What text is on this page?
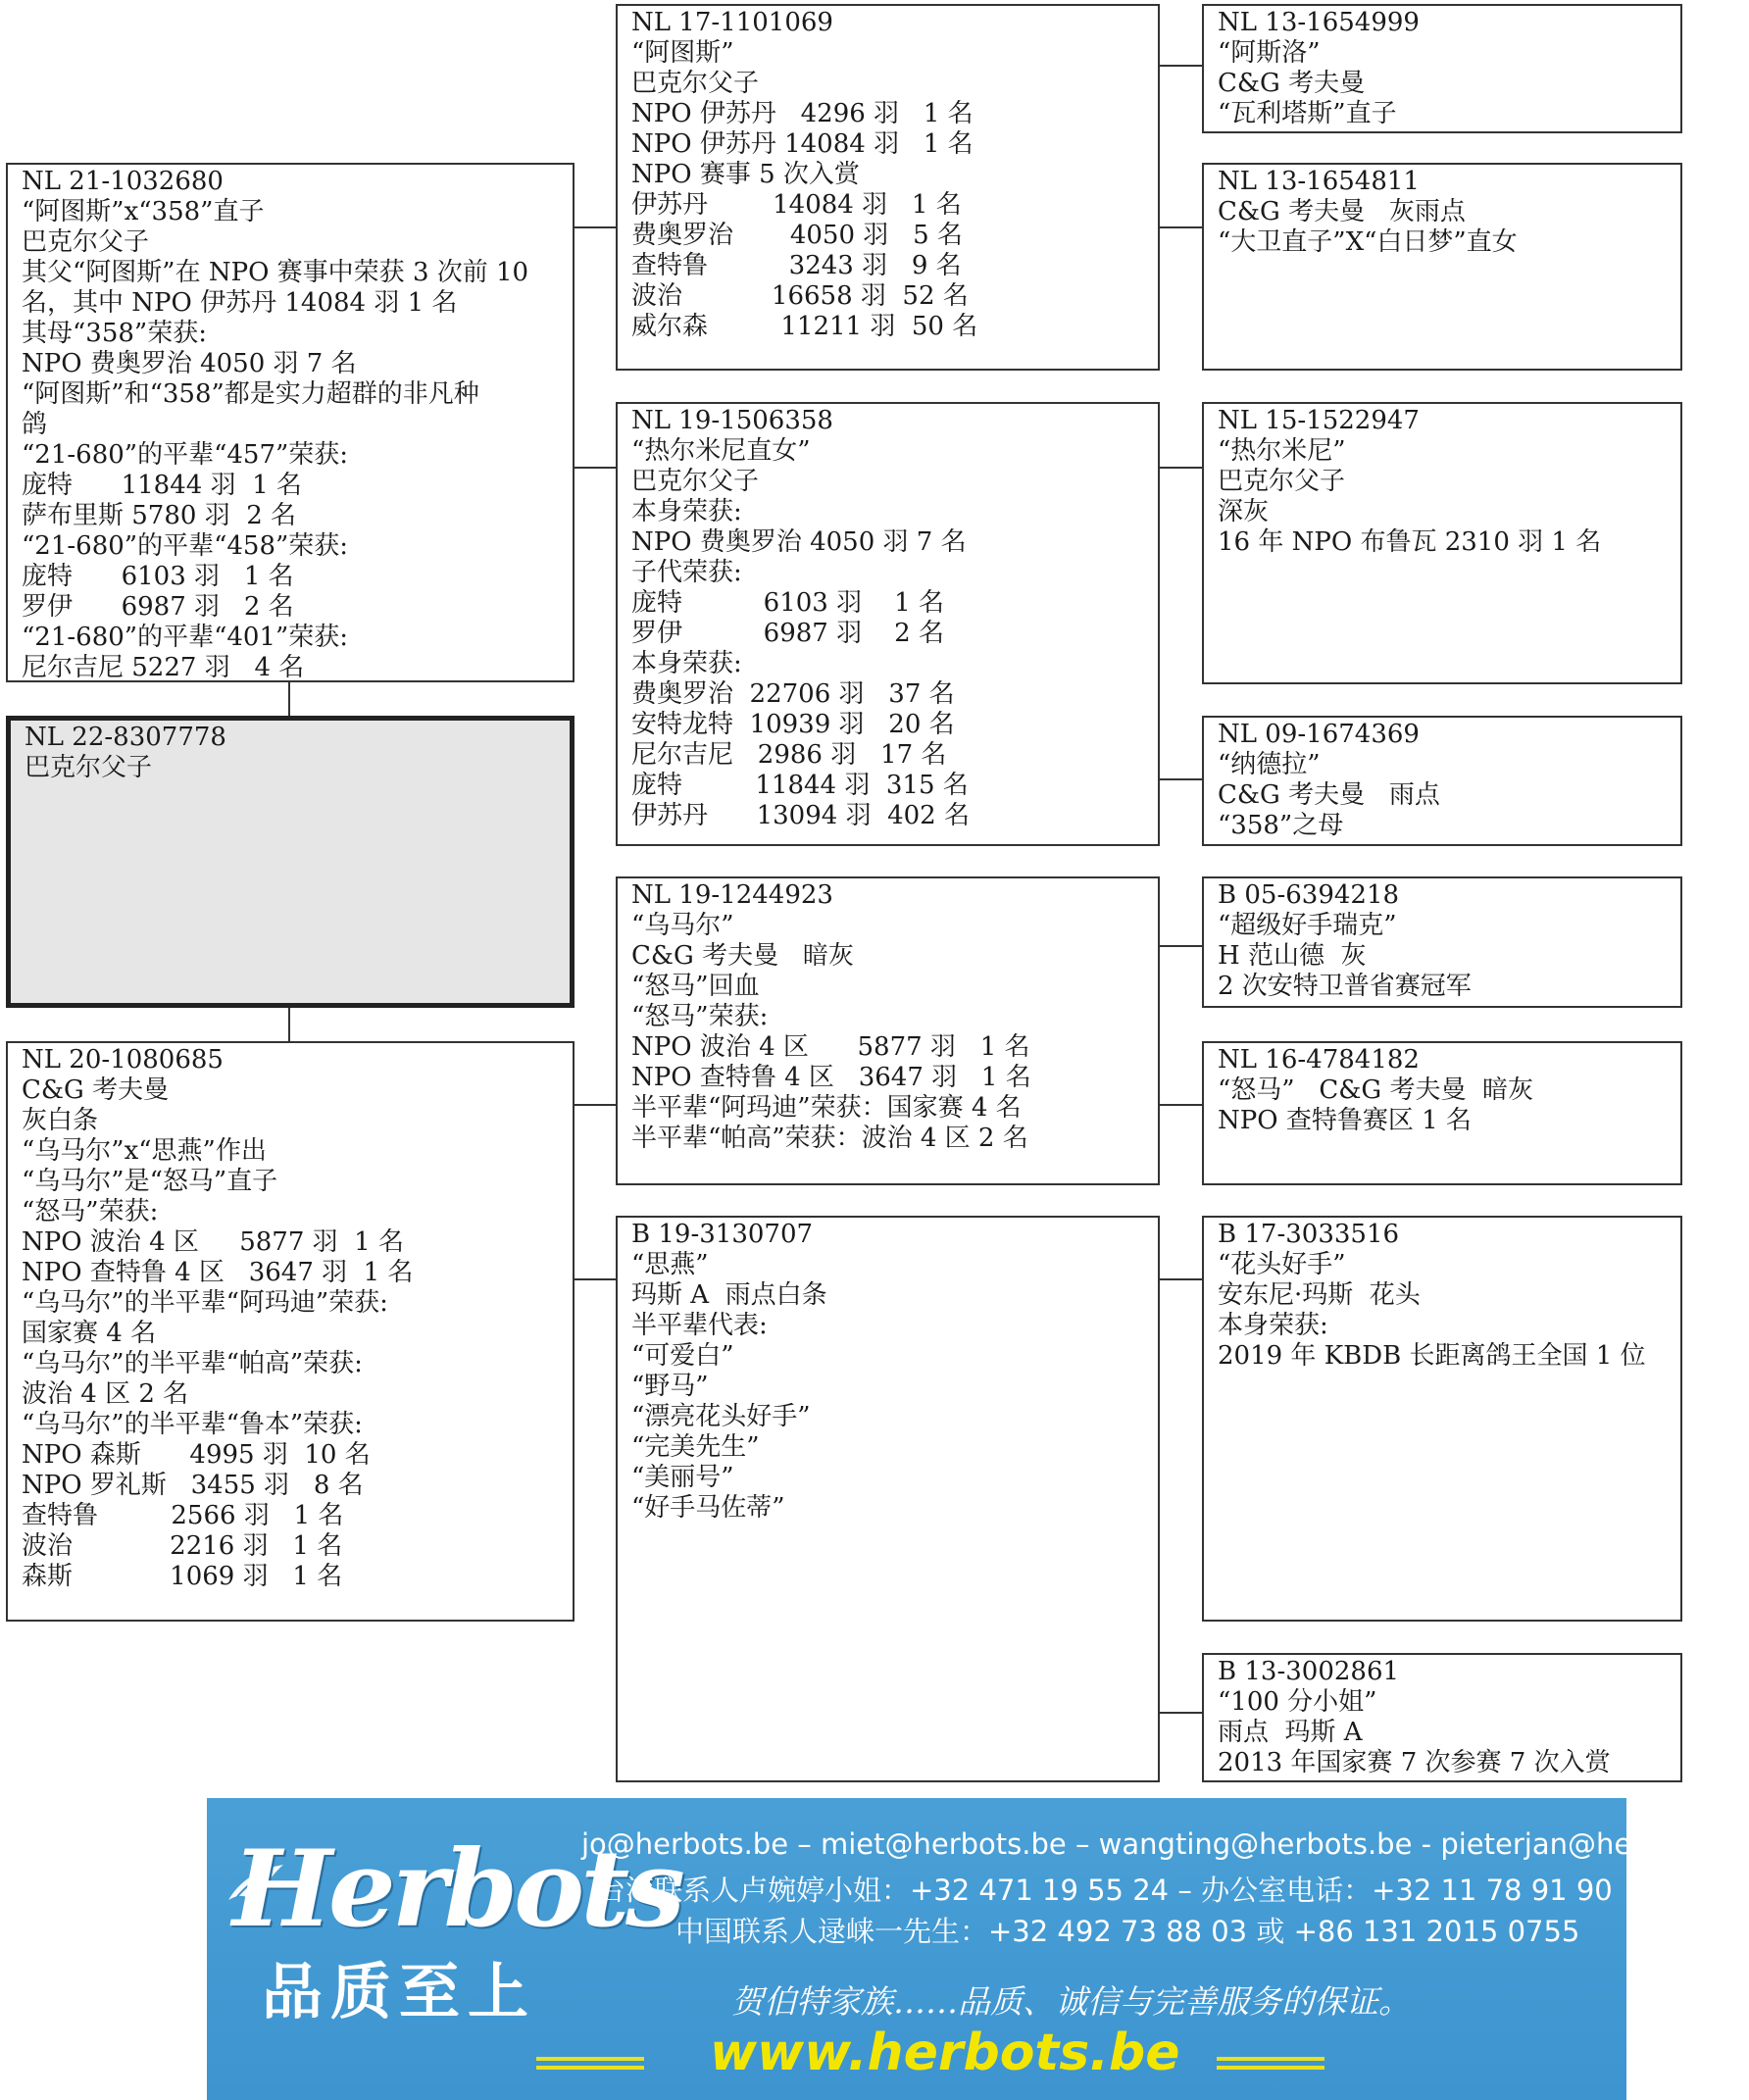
NL 22-8307778
巴克尔父子
NL 21-1032680
“阿图斯”x“358”直子
巴克尔父子
其父“阿图斯”在 NPO 赛事中荣获 3 次前 10
名，其中 NPO 伊苏丹 14084 羽 1 名
其母“358”荣获:
NPO 费奥罗治 4050 羽 7 名
“阿图斯”和“358”都是实力超群的非凡种
鸽
“21-680”的平辈“457”荣获:
庞特      11844 羽  1 名
萨布里斯 5780 羽  2 名
“21-680”的平辈“458”荣获:
庞特      6103 羽   1 名
罗伊      6987 羽   2 名
“21-680”的平辈“401”荣获:
尼尔吉尼 5227 羽   4 名
NL 20-1080685
C&G 考夫曼
灰白条
“乌马尔”x“思燕”作出
“乌马尔”是“怒马”直子
“怒马”荣获:
NPO 波治 4 区     5877 羽  1 名
NPO 查特鲁 4 区   3647 羽  1 名
“乌马尔”的半平辈“阿玛迪”荣获:
国家赛 4 名
“乌马尔”的半平辈“帕高”荣获:
波治 4 区 2 名
“乌马尔”的半平辈“鲁本”荣获:
NPO 森斯      4995 羽  10 名
NPO 罗礼斯   3455 羽   8 名
查特鲁         2566 羽   1 名
波治            2216 羽   1 名
森斯            1069 羽   1 名
NL 17-1101069
“阿图斯”
巴克尔父子
NPO 伊苏丹   4296 羽   1 名
NPO 伊苏丹 14084 羽   1 名
NPO 赛事 5 次入赏
伊苏丹        14084 羽   1 名
费奥罗治       4050 羽   5 名
查特鲁          3243 羽   9 名
波治           16658 羽  52 名
威尔森         11211 羽  50 名
NL 19-1506358
“热尔米尼直女”
巴克尔父子
本身荣获:
NPO 费奥罗治 4050 羽 7 名
子代荣获:
庞特          6103 羽    1 名
罗伊          6987 羽    2 名
本身荣获:
费奥罗治  22706 羽   37 名
安特龙特  10939 羽   20 名
尼尔吉尼   2986 羽   17 名
庞特         11844 羽  315 名
伊苏丹      13094 羽  402 名
NL 19-1244923
“乌马尔”
C&G 考夫曼   暗灰
“怒马”回血
“怒马”荣获:
NPO 波治 4 区      5877 羽   1 名
NPO 查特鲁 4 区   3647 羽   1 名
半平辈“阿玛迪”荣获：国家赛 4 名
半平辈“帕高”荣获：波治 4 区 2 名
B 19-3130707
“思燕”
玛斯 A  雨点白条
半平辈代表:
“可爱白”
“野马”
“漂亮花头好手”
“完美先生”
“美丽号”
“好手马佐蒂”
NL 13-1654999
“阿斯洛”
C&G 考夫曼
“瓦利塔斯”直子
NL 13-1654811
C&G 考夫曼   灰雨点
“大卫直子”X“白日梦”直女
NL 15-1522947
“热尔米尼”
巴克尔父子
深灰
16 年 NPO 布鲁瓦 2310 羽 1 名
NL 09-1674369
“纳德拉”
C&G 考夫曼   雨点
“358”之母
B 05-6394218
“超级好手瑞克”
H 范山德  灰
2 次安特卫普省赛冠军
NL 16-4784182
“怒马”   C&G 考夫曼  暗灰
NPO 查特鲁赛区 1 名
B 17-3033516
“花头好手”
安东尼·玛斯  花头
本身荣获:
2019 年 KBDB 长距离鸽王全国 1 位
B 13-3002861
“100 分小姐”
雨点  玛斯 A
2013 年国家赛 7 次参赛 7 次入赏
Herbots
品质至上
jo@herbots.be – miet@herbots.be – wangting@herbots.be - pieterjan@herbots.be
台湾联系人卢婉婷小姐：+32 471 19 55 24 – 办公室电话：+32 11 78 91 90
中国联系人逯崃一先生：+32 492 73 88 03 或 +86 131 2015 0755
贺伯特家族……品质、诚信与完善服务的保证。
www.herbots.be
